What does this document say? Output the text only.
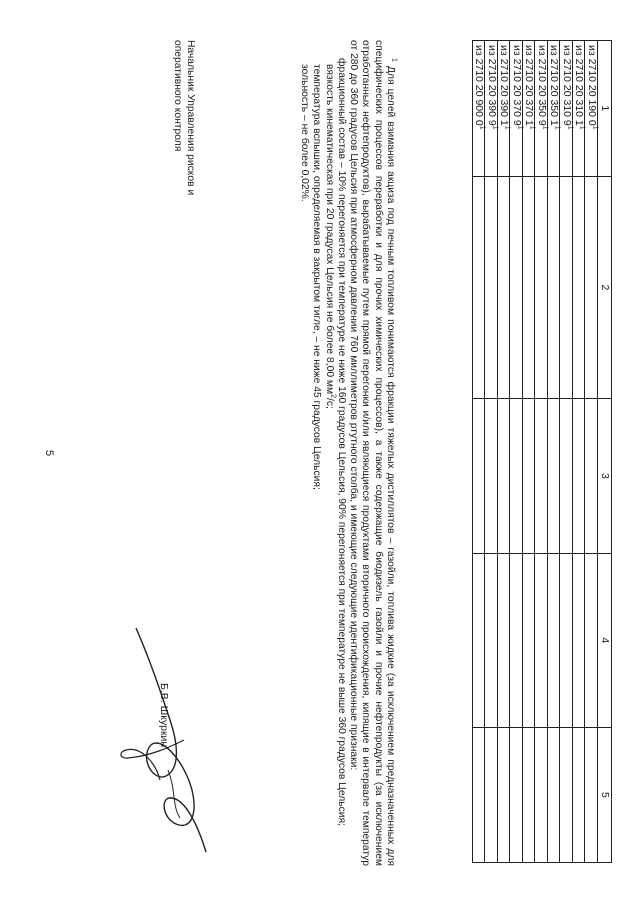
5
1	2	3	4	5
из 2710 20 190 $0^1$				
из 2710 20 310 $1^1$				
из 2710 20 310 $9^1$				
из 2710 20 350 $1^1$				
из 2710 20 350 $9^1$				
из 2710 20 370 $1^1$				
из 2710 20 370 $9^1$				
из 2710 20 390 $1^1$				
из 2710 20 390 $9^1$				
из 2710 20 900 $0^1$				

$^1$ Для целей взимания акциза под печным топливом понимаются фракции тяжелых дистиллятов – газойли, топлива жидкие (за исключением предназначенных для специфических процессов переработки и для прочих химических процессов), а также содержащие биодизель газойли и прочие нефтепродукты (за исключением отработанных нефтепродуктов), вырабатываемые путем прямой перегонки и/или являющиеся продуктами вторичного происхождения, кипящие в интервале температур от 280 до 360 градусов Цельсия при атмосферном давлении 760 миллиметров ртутного столба, и имеющие следующие идентификационные признаки:

фракционный состав – 10% перегоняется при температуре не ниже 160 градусов Цельсия, 90% перегоняется при температуре не выше 360 градусов Цельсия;

вязкость кинематическая при 20 градусах Цельсия не более 8,00 $мм^2/с$;

температура вспышки, определяемая в закрытом тигле, – не ниже 45 градусов Цельсия;

зольность – не более 0,02%.

Начальник Управления рисков и
оперативного контроля
Б.В. Шкуркин
